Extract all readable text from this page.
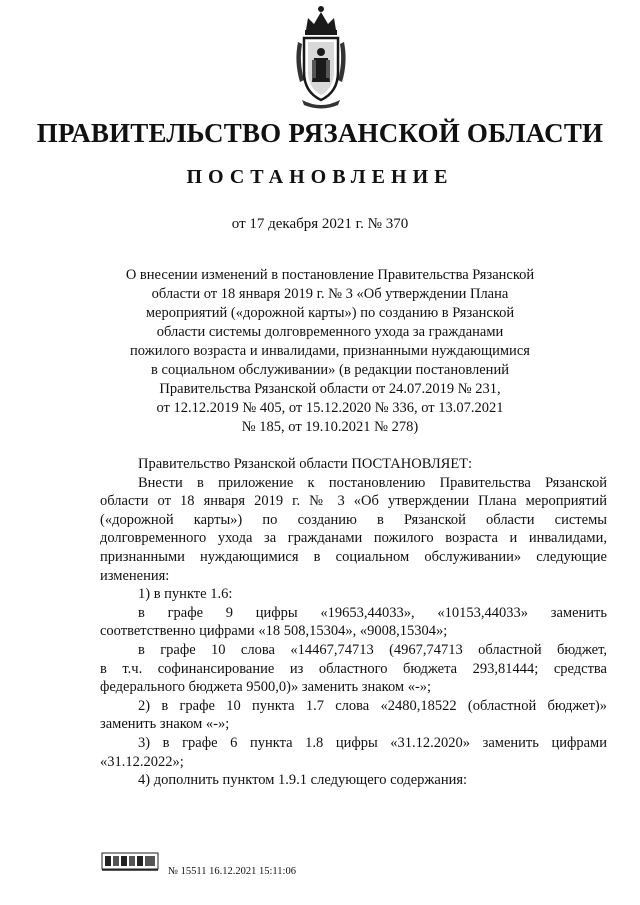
ПРАВИТЕЛЬСТВО РЯЗАНСКОЙ ОБЛАСТИ
ПОСТАНОВЛЕНИЕ
от 17 декабря 2021 г. № 370
О внесении изменений в постановление Правительства Рязанской
области от 18 января 2019 г. № 3 «Об утверждении Плана
мероприятий («дорожной карты») по созданию в Рязанской
области системы долговременного ухода за гражданами
пожилого возраста и инвалидами, признанными нуждающимися
в социальном обслуживании» (в редакции постановлений
Правительства Рязанской области от 24.07.2019 № 231,
от 12.12.2019 № 405, от 15.12.2020 № 336, от 13.07.2021
№ 185, от 19.10.2021 № 278)

Правительство Рязанской области ПОСТАНОВЛЯЕТ:

Внести в приложение к постановлению Правительства Рязанской
области от 18 января 2019 г. № 3 «Об утверждении Плана мероприятий
(«дорожной карты») по созданию в Рязанской области системы
долговременного ухода за гражданами пожилого возраста и инвалидами,
признанными нуждающимися в социальном обслуживании» следующие
изменения:

1) в пункте 1.6:

в графе 9 цифры «19653,44033», «10153,44033» заменить
соответственно цифрами «18 508,15304», «9008,15304»;

в графе 10 слова «14467,74713 (4967,74713 областной бюджет,
в т.ч. софинансирование из областного бюджета 293,81444; средства
федерального бюджета 9500,0)» заменить знаком «-»;

2) в графе 10 пункта 1.7 слова «2480,18522 (областной бюджет)»
заменить знаком «-»;

3) в графе 6 пункта 1.8 цифры «31.12.2020» заменить цифрами
«31.12.2022»;

4) дополнить пунктом 1.9.1 следующего содержания:

№ 15511 16.12.2021 15:11:06
